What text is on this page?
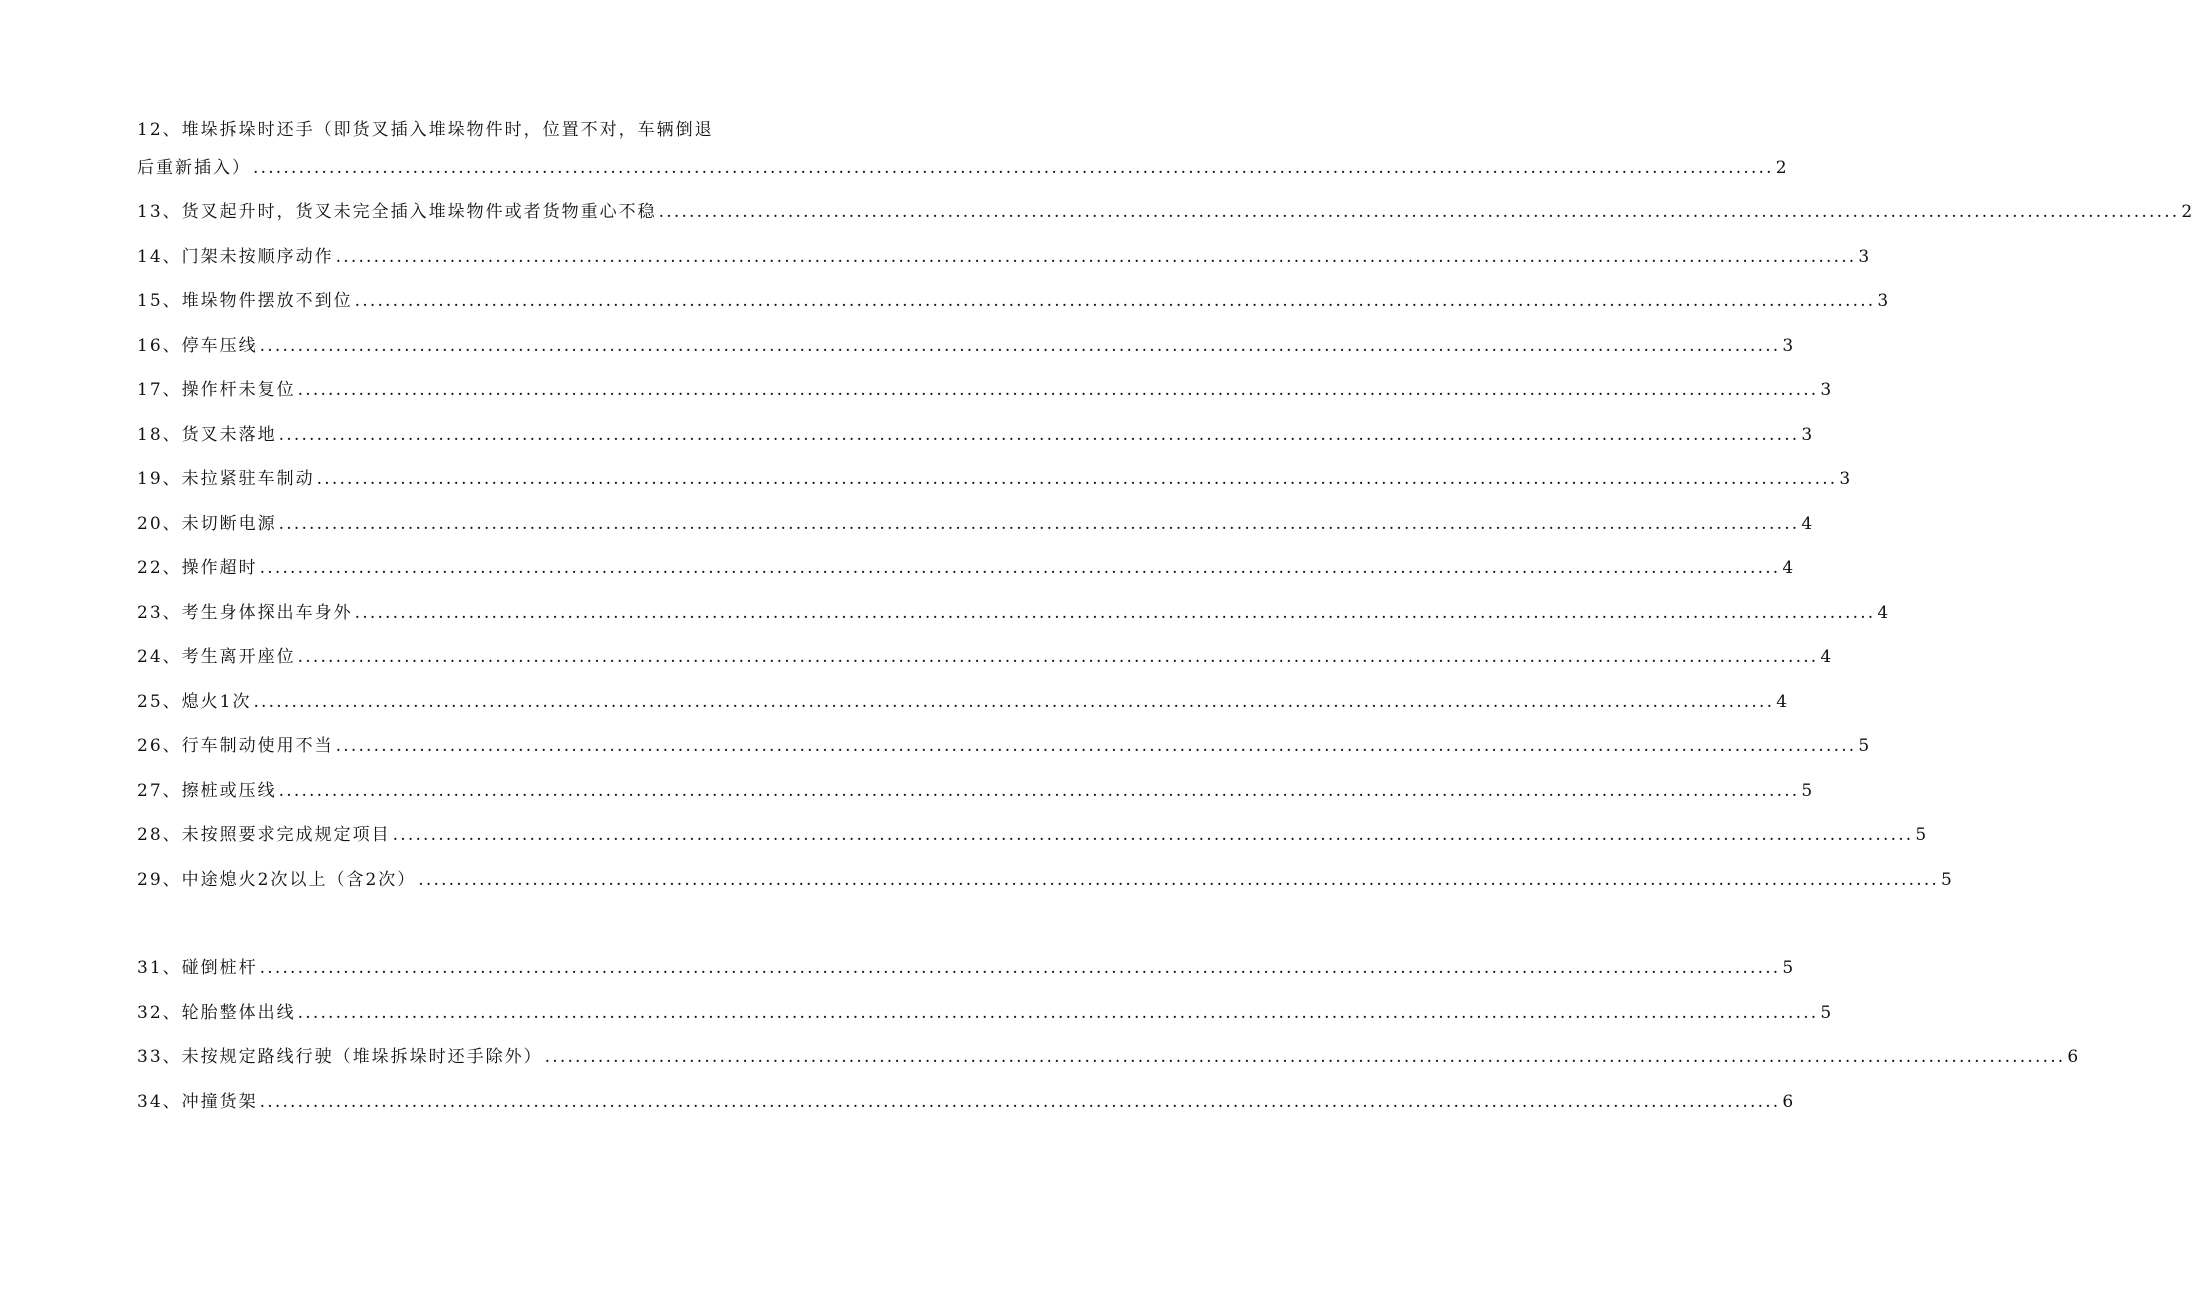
12、堆垛拆垛时还手（即货叉插入堆垛物件时，位置不对，车辆倒退
后重新插入） ........................................................................................................................................................................................................ 2
13、货叉起升时，货叉未完全插入堆垛物件或者货物重心不稳 ........................................................................................................................................................................................................ 2
14、门架未按顺序动作 ........................................................................................................................................................................................................ 3
15、堆垛物件摆放不到位 ........................................................................................................................................................................................................ 3
16、停车压线 ........................................................................................................................................................................................................ 3
17、操作杆未复位 ........................................................................................................................................................................................................ 3
18、货叉未落地 ........................................................................................................................................................................................................ 3
19、未拉紧驻车制动 ........................................................................................................................................................................................................ 3
20、未切断电源 ........................................................................................................................................................................................................ 4
22、操作超时 ........................................................................................................................................................................................................ 4
23、考生身体探出车身外 ........................................................................................................................................................................................................ 4
24、考生离开座位 ........................................................................................................................................................................................................ 4
25、熄火1次 ........................................................................................................................................................................................................ 4
26、行车制动使用不当 ........................................................................................................................................................................................................ 5
27、擦桩或压线 ........................................................................................................................................................................................................ 5
28、未按照要求完成规定项目 ........................................................................................................................................................................................................ 5
29、中途熄火2次以上（含2次） ........................................................................................................................................................................................................ 5
31、碰倒桩杆 ........................................................................................................................................................................................................ 5
32、轮胎整体出线 ........................................................................................................................................................................................................ 5
33、未按规定路线行驶（堆垛拆垛时还手除外） ........................................................................................................................................................................................................ 6
34、冲撞货架 ........................................................................................................................................................................................................ 6
